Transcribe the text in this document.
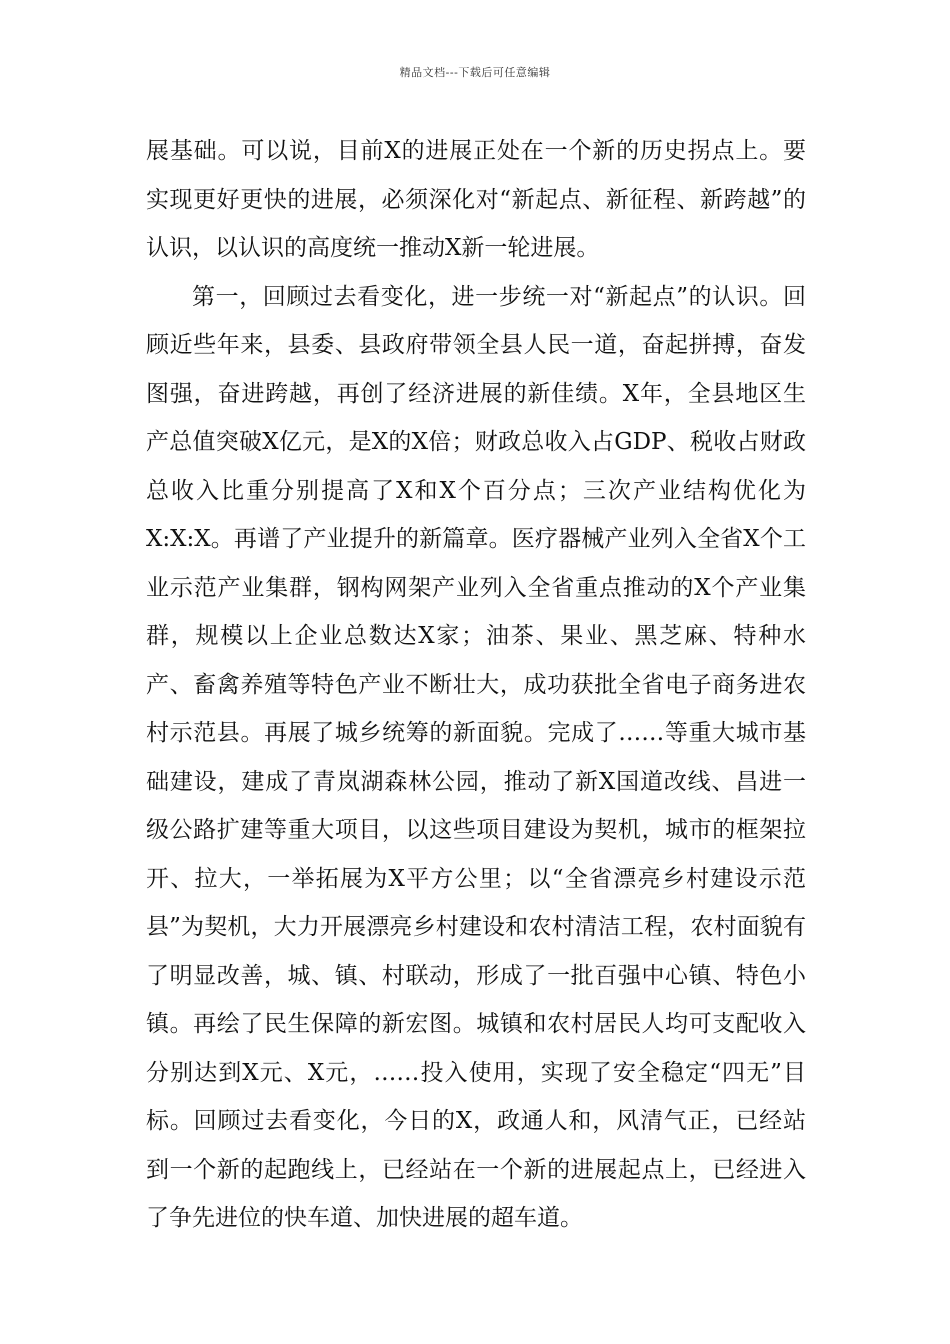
精品文档---下载后可任意编辑

展基础。可以说，目前X的进展正处在一个新的历史拐点上。要实现更好更快的进展，必须深化对“新起点、新征程、新跨越”的认识，以认识的高度统一推动X新一轮进展。

第一，回顾过去看变化，进一步统一对“新起点”的认识。回顾近些年来，县委、县政府带领全县人民一道，奋起拼搏，奋发图强，奋进跨越，再创了经济进展的新佳绩。X年，全县地区生产总值突破X亿元，是X的X倍；财政总收入占GDP、税收占财政总收入比重分别提高了X和X个百分点；三次产业结构优化为X:X:X。再谱了产业提升的新篇章。医疗器械产业列入全省X个工业示范产业集群，钢构网架产业列入全省重点推动的X个产业集群，规模以上企业总数达X家；油茶、果业、黑芝麻、特种水产、畜禽养殖等特色产业不断壮大，成功获批全省电子商务进农村示范县。再展了城乡统筹的新面貌。完成了……等重大城市基础建设，建成了青岚湖森林公园，推动了新X国道改线、昌进一级公路扩建等重大项目，以这些项目建设为契机，城市的框架拉开、拉大，一举拓展为X平方公里；以“全省漂亮乡村建设示范县”为契机，大力开展漂亮乡村建设和农村清洁工程，农村面貌有了明显改善，城、镇、村联动，形成了一批百强中心镇、特色小镇。再绘了民生保障的新宏图。城镇和农村居民人均可支配收入分别达到X元、X元，……投入使用，实现了安全稳定“四无”目标。回顾过去看变化，今日的X，政通人和，风清气正，已经站到一个新的起跑线上，已经站在一个新的进展起点上，已经进入了争先进位的快车道、加快进展的超车道。
